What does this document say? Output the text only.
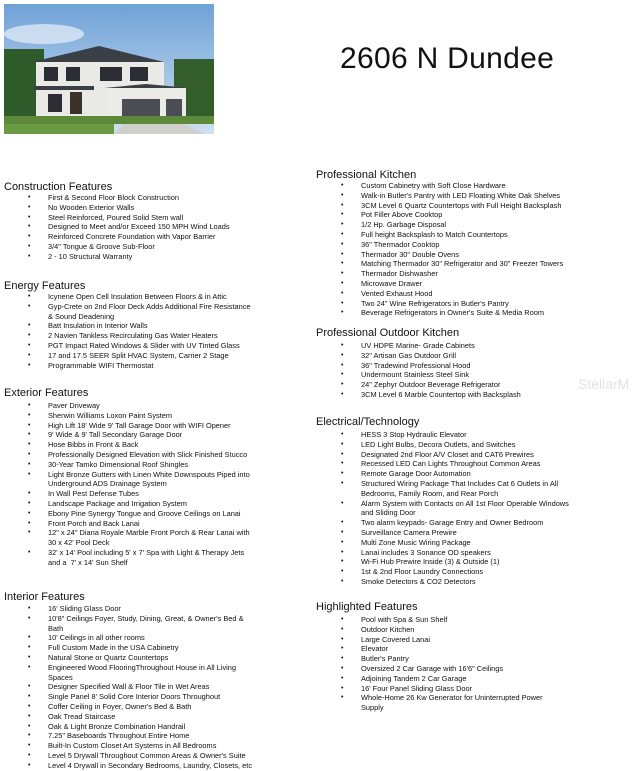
2606 N Dundee
Construction Features
• First & Second Floor Block Construction
• No Wooden Exterior Walls
• Steel Reinforced, Poured Solid Stem wall
• Designed to Meet and/or Exceed 150 MPH Wind Loads
• Reinforced Concrete Foundation with Vapor Barrier
• 3/4" Tongue & Groove Sub-Floor
• 2 - 10 Structural Warranty
Energy Features
• Icynene Open Cell Insulation Between Floors & in Attic
• Gyp-Crete on 2nd Floor Deck Adds Additional Fire Resistance
& Sound Deadening
• Batt Insulation in Interior Walls
• 2 Navien Tankless Recirculating Gas Water Heaters
• PGT Impact Rated Windows & Slider with UV Tinted Glass
• 17 and 17.5 SEER Split HVAC System, Carrier 2 Stage
• Programmable WIFI Thermostat
Exterior Features
• Paver Driveway
• Sherwin Williams Loxon Paint System
• High Lift 18' Wide 9' Tall Garage Door with WIFI Opener
• 9' Wide & 9' Tall Secondary Garage Door
• Hose Bibbs in Front & Back
• Professionally Designed Elevation with Slick Finished Stucco
• 30-Year Tamko Dimensional Roof Shingles
• Light Bronze Gutters with Linen White Downspouts Piped into
Underground ADS Drainage System
• In Wall Pest Defense Tubes
• Landscape Package and Irrigation System
• Ebony Pine Synergy Tongue and Groove Ceilings on Lanai
• Front Porch and Back Lanai
• 12" x 24" Diana Royale Marble Front Porch & Rear Lanai with
30 x 42' Pool Deck
• 32' x 14' Pool including 5' x 7' Spa with Light & Therapy Jets
and a  7' x 14' Sun Shelf
Interior Features
• 16' Sliding Glass Door
• 10'8" Ceilings Foyer, Study, Dining, Great, & Owner's Bed &
Bath
• 10' Ceilings in all other rooms
• Full Custom Made in the USA Cabinetry
• Natural Stone or Quartz Countertops
• Engineered Wood FlooringThroughout House in All Living
Spaces
• Designer Specified Wall & Floor Tile in Wet Areas
• Single Panel 8' Solid Core Interior Doors Throughout
• Coffer Ceiling in Foyer, Owner's Bed & Bath
• Oak Tread Staircase
• Oak & Light Bronze Combination Handrail
• 7.25" Baseboards Throughout Entire Home
• Built-In Custom Closet Art Systems in All Bedrooms
• Level 5 Drywall Throughout Common Areas & Owner's Suite
• Level 4 Drywall in Secondary Bedrooms, Laundry, Closets, etc
Professional Kitchen
• Custom Cabinetry with Soft Close Hardware
• Walk-in Butler's Pantry with LED Floating White Oak Shelves
• 3CM Level 6 Quartz Countertops with Full Height Backsplash
• Pot Filler Above Cooktop
• 1/2 Hp. Garbage Disposal
• Full height Backsplash to Match Countertops
• 36" Thermador Cooktop
• Thermador 30" Double Ovens
• Matching Thermador 30" Refrigerator and 30" Freezer Towers
• Thermador Dishwasher
• Microwave Drawer
• Vented Exhaust Hood
• Two 24" Wine Refrigerators in Butler's Pantry
• Beverage Refrigerators in Owner's Suite & Media Room
Professional Outdoor Kitchen
• UV HDPE Marine- Grade Cabinets
• 32" Artisan Gas Outdoor Grill
• 36" Tradewind Professional Hood
• Undermount Stainless Steel Sink
• 24" Zephyr Outdoor Beverage Refrigerator
• 3CM Level 6 Marble Countertop with Backsplash
Electrical/Technology
• HESS 3 Stop Hydraulic Elevator
• LED Light Bulbs, Decora Outlets, and Switches
• Designated 2nd Floor A/V Closet and CAT6 Prewires
• Recessed LED Can Lights Throughout Common Areas
• Remote Garage Door Automation
• Structured Wiring Package That Includes Cat 6 Outlets in All
Bedrooms, Family Room, and Rear Porch
• Alarm System with Contacts on All 1st Floor Operable Windows
and Sliding Door
• Two alarm keypads- Garage Entry and Owner Bedroom
• Surveillance Camera Prewire
• Multi Zone Music Wiring Package
• Lanai includes 3 Sonance OD speakers
• Wi-Fi Hub Prewire Inside (3) & Outside (1)
• 1st & 2nd Floor Laundry Connections
• Smoke Detectors & CO2 Detectors
Highlighted Features
• Pool with Spa & Sun Shelf
• Outdoor Kitchen
• Large Covered Lanai
• Elevator
• Butler's Pantry
• Oversized 2 Car Garage with 16'6" Ceilings
• Adjoining Tandem 2 Car Garage
• 16' Four Panel Sliding Glass Door
• Whole-Home 26 Kw Generator for Uninterrupted Power
Supply
StellarM
